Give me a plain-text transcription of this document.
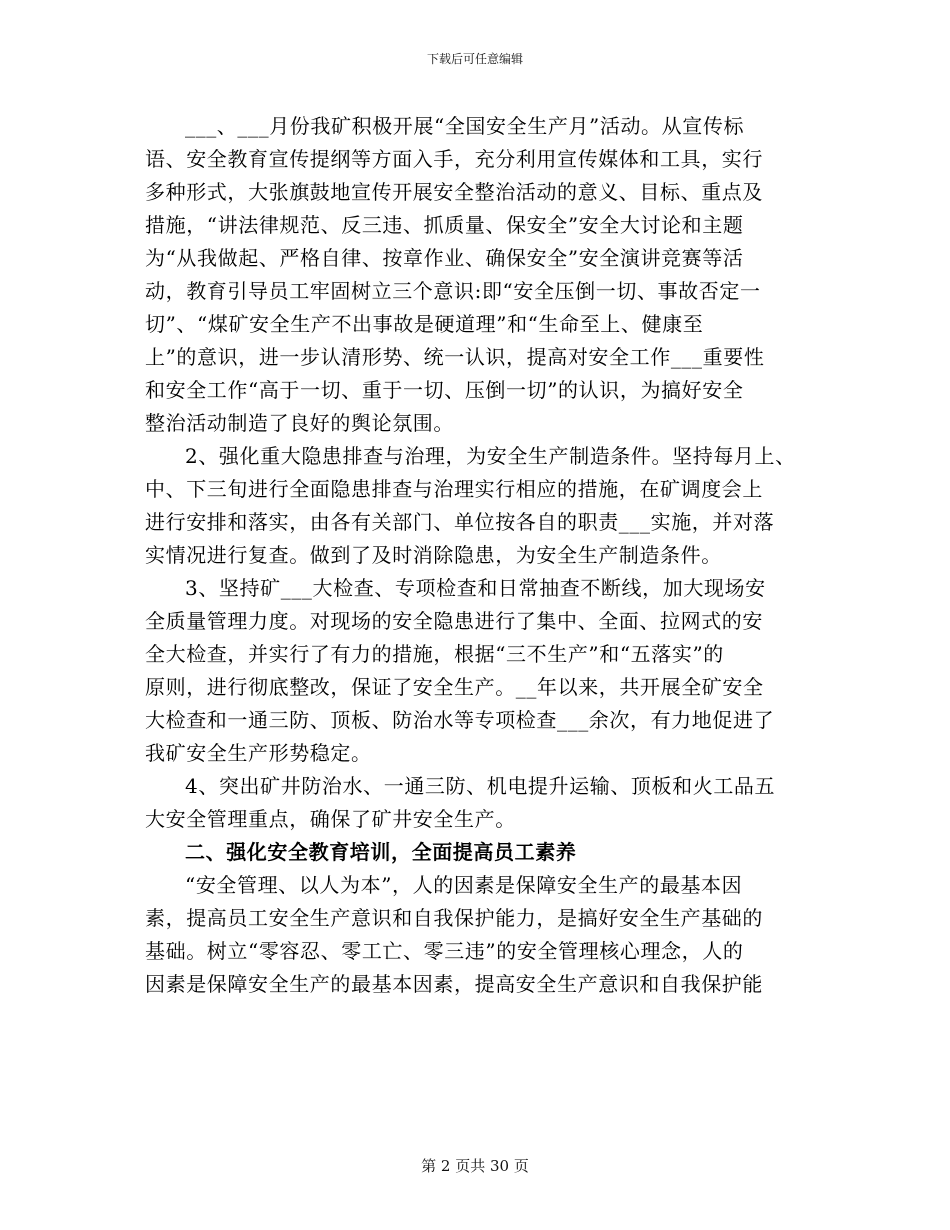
下载后可任意编辑
___、___月份我矿积极开展“全国安全生产月”活动。从宣传标
语、安全教育宣传提纲等方面入手，充分利用宣传媒体和工具，实行
多种形式，大张旗鼓地宣传开展安全整治活动的意义、目标、重点及
措施，“讲法律规范、反三违、抓质量、保安全”安全大讨论和主题
为“从我做起、严格自律、按章作业、确保安全”安全演讲竞赛等活
动，教育引导员工牢固树立三个意识:即“安全压倒一切、事故否定一
切”、“煤矿安全生产不出事故是硬道理”和“生命至上、健康至
上”的意识，进一步认清形势、统一认识，提高对安全工作___重要性
和安全工作“高于一切、重于一切、压倒一切”的认识，为搞好安全
整治活动制造了良好的舆论氛围。
2、强化重大隐患排查与治理，为安全生产制造条件。坚持每月上、
中、下三旬进行全面隐患排查与治理实行相应的措施，在矿调度会上
进行安排和落实，由各有关部门、单位按各自的职责___实施，并对落
实情况进行复查。做到了及时消除隐患，为安全生产制造条件。
3、坚持矿___大检查、专项检查和日常抽查不断线，加大现场安
全质量管理力度。对现场的安全隐患进行了集中、全面、拉网式的安
全大检查，并实行了有力的措施，根据“三不生产”和“五落实”的
原则，进行彻底整改，保证了安全生产。__年以来，共开展全矿安全
大检查和一通三防、顶板、防治水等专项检查___余次，有力地促进了
我矿安全生产形势稳定。
4、突出矿井防治水、一通三防、机电提升运输、顶板和火工品五
大安全管理重点，确保了矿井安全生产。
二、强化安全教育培训，全面提高员工素养
“安全管理、以人为本”，人的因素是保障安全生产的最基本因
素，提高员工安全生产意识和自我保护能力，是搞好安全生产基础的
基础。树立“零容忍、零工亡、零三违”的安全管理核心理念，人的
因素是保障安全生产的最基本因素，提高安全生产意识和自我保护能
第 2 页共 30 页
